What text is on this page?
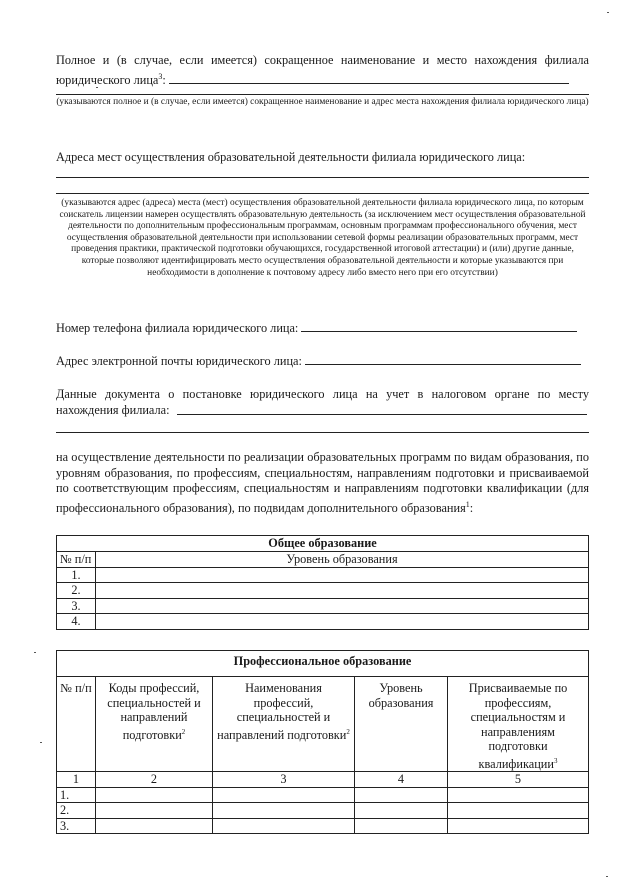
Полное и (в случае, если имеется) сокращенное наименование и место нахождения филиала юридического лица$^3$:
(указываются полное и (в случае, если имеется) сокращенное наименование и адрес места нахождения филиала юридического лица)
Адреса мест осуществления образовательной деятельности филиала юридического лица:
(указываются адрес (адреса) места (мест) осуществления образовательной деятельности филиала юридического лица, по которым соискатель лицензии намерен осуществлять образовательную деятельность (за исключением мест осуществления образовательной деятельности по дополнительным профессиональным программам, основным программам профессионального обучения, мест осуществления образовательной деятельности при использовании сетевой формы реализации образовательных программ, мест проведения практики, практической подготовки обучающихся, государственной итоговой аттестации) и (или) другие данные, которые позволяют идентифицировать место осуществления образовательной деятельности и которые указываются при необходимости в дополнение к почтовому адресу либо вместо него при его отсутствии)
Номер телефона филиала юридического лица:
Адрес электронной почты юридического лица:
Данные документа о постановке юридического лица на учет в налоговом органе по месту нахождения филиала:
на осуществление деятельности по реализации образовательных программ по видам образования, по уровням образования, по профессиям, специальностям, направлениям подготовки и присваиваемой по соответствующим профессиям, специальностям и направлениям подготовки квалификации (для профессионального образования), по подвидам дополнительного образования$^1$:
Общее образование	
№ п/п	Уровень образования
1.	
2.	
3.	
4.	
Профессиональное образование				
№ п/п	Коды профессий, специальностей и направлений подготовки$^2$	Наименования профессий, специальностей и направлений подготовки$^2$	Уровень образования	Присваиваемые по профессиям, специальностям и направлениям подготовки квалификации$^3$
1	2	3	4	5
1.				
2.				
3.				
